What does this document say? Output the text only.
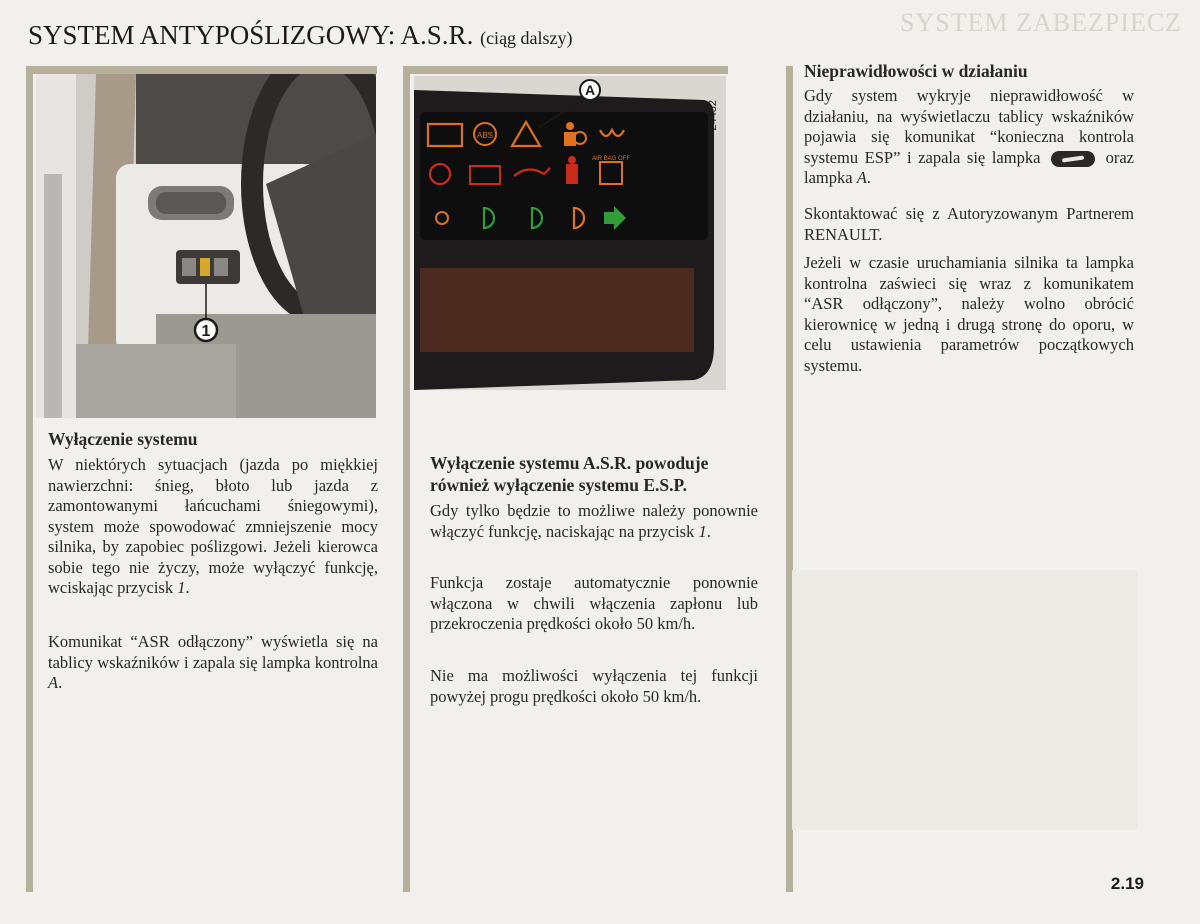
SYSTEM ZABEZPIECZ
SYSTEM ANTYPOŚLIZGOWY: A.S.R. (ciąg dalszy)
1
ABS
AIR BAG OFF
A
24432
Wyłączenie systemu

W niektórych sytuacjach (jazda po miękkiej nawierzchni: śnieg, błoto lub jazda z zamontowanymi łańcuchami śniegowymi), system może spowodować zmniejszenie mocy silnika, by zapobiec poślizgowi. Jeżeli kierowca sobie tego nie życzy, może wyłączyć funkcję, wciskając przycisk 1.

Komunikat “ASR odłączony” wyświetla się na tablicy wskaźników i zapala się lampka kontrolna A.

Wyłączenie systemu A.S.R. powoduje również wyłączenie systemu E.S.P.

Gdy tylko będzie to możliwe należy ponownie włączyć funkcję, naciskając na przycisk 1.

Funkcja zostaje automatycznie ponownie włączona w chwili włączenia zapłonu lub przekroczenia prędkości około 50 km/h.

Nie ma możliwości wyłączenia tej funkcji powyżej progu prędkości około 50 km/h.

Nieprawidłowości w działaniu

Gdy system wykryje nieprawidłowość w działaniu, na wyświetlaczu tablicy wskaźników pojawia się komunikat “konieczna kontrola systemu ESP” i zapala się lampka	oraz lampka A.

Skontaktować się z Autoryzowanym Partnerem RENAULT.

Jeżeli w czasie uruchamiania silnika ta lampka kontrolna zaświeci się wraz z komunikatem “ASR odłączony”, należy wolno obrócić kierownicę w jedną i drugą stronę do oporu, w celu ustawienia parametrów początkowych systemu.

2.19
